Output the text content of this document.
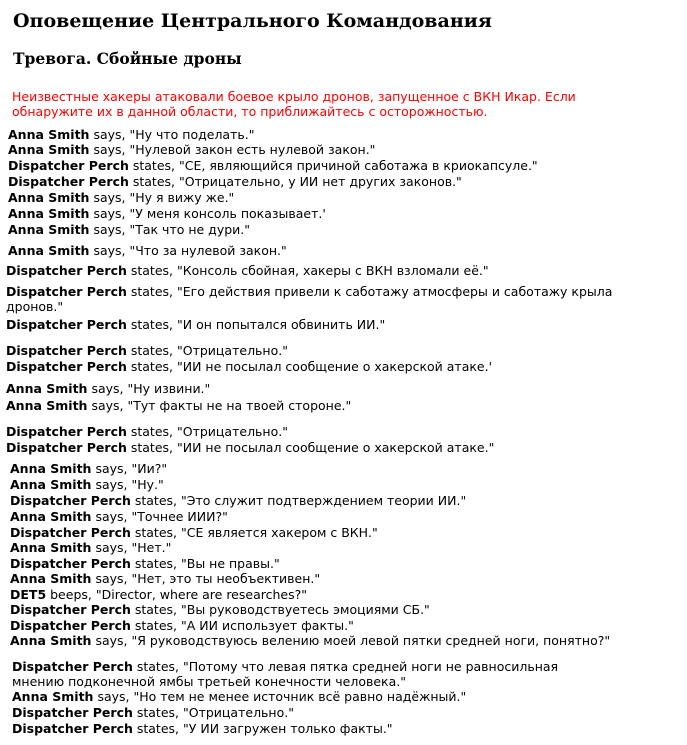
Оповещение Центрального Командования
Тревога. Сбойные дроны
Неизвестные хакеры атаковали боевое крыло дронов, запущенное с ВКН Икар. Если обнаружите их в данной области, то приближайтесь с осторожностью.
Anna Smith says, "Ну что поделать."
Anna Smith says, "Нулевой закон есть нулевой закон."
Dispatcher Perch states, "СЕ, являющийся причиной саботажа в криокапсуле."
Dispatcher Perch states, "Отрицательно, у ИИ нет других законов."
Anna Smith says, "Ну я вижу же."
Anna Smith says, "У меня консоль показывает.'
Anna Smith says, "Так что не дури."
Anna Smith says, "Что за нулевой закон."
Dispatcher Perch states, "Консоль сбойная, хакеры с ВКН взломали её."
Dispatcher Perch states, "Его действия привели к саботажу атмосферы и саботажу крыла дронов."
Dispatcher Perch states, "И он попытался обвинить ИИ."
Dispatcher Perch states, "Отрицательно."
Dispatcher Perch states, "ИИ не посылал сообщение о хакерской атаке.'
Anna Smith says, "Ну извини."
Anna Smith says, "Тут факты не на твоей стороне."
Dispatcher Perch states, "Отрицательно."
Dispatcher Perch states, "ИИ не посылал сообщение о хакерской атаке."
Anna Smith says, "Ии?"
Anna Smith says, "Ну."
Dispatcher Perch states, "Это служит подтверждением теории ИИ."
Anna Smith says, "Точнее ИИИ?"
Dispatcher Perch states, "СЕ является хакером с ВКН."
Anna Smith says, "Нет."
Dispatcher Perch states, "Вы не правы."
Anna Smith says, "Нет, это ты необъективен."
DET5 beeps, "Director, where are researches?"
Dispatcher Perch states, "Вы руководствуетесь эмоциями СБ."
Dispatcher Perch states, "А ИИ использует факты."
Anna Smith says, "Я руководствуюсь велению моей левой пятки средней ноги, понятно?"
Dispatcher Perch states, "Потому что левая пятка средней ноги не равносильная мнению подконечной ямбы третьей конечности человека."
Anna Smith says, "Но тем не менее источник всё равно надёжный."
Dispatcher Perch states, "Отрицательно."
Dispatcher Perch states, "У ИИ загружен только факты."
